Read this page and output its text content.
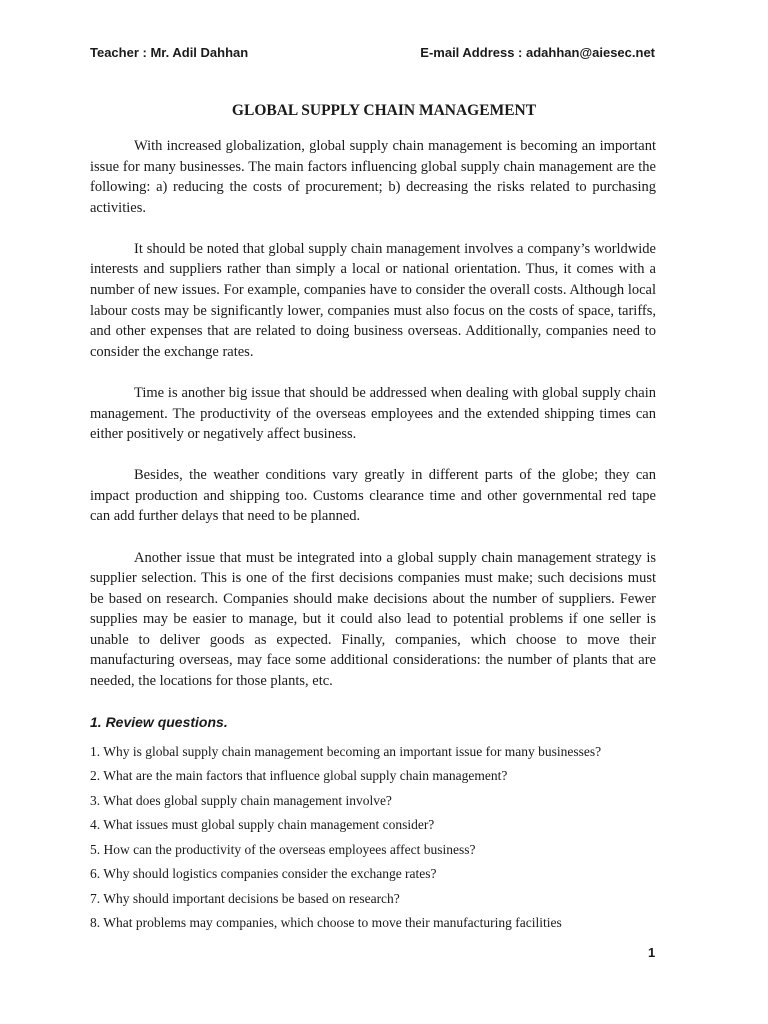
Teacher : Mr. Adil Dahhan	E-mail Address : adahhan@aiesec.net
GLOBAL SUPPLY CHAIN MANAGEMENT

With increased globalization, global supply chain management is becoming an important issue for many businesses. The main factors influencing global supply chain management are the following: a) reducing the costs of procurement; b) decreasing the risks related to purchasing activities.

It should be noted that global supply chain management involves a company’s worldwide interests and suppliers rather than simply a local or national orientation. Thus, it comes with a number of new issues. For example, companies have to consider the overall costs. Although local labour costs may be significantly lower, companies must also focus on the costs of space, tariffs, and other expenses that are related to doing business overseas. Additionally, companies need to consider the exchange rates.

Time is another big issue that should be addressed when dealing with global supply chain management. The productivity of the overseas employees and the extended shipping times can either positively or negatively affect business.

Besides, the weather conditions vary greatly in different parts of the globe; they can impact production and shipping too. Customs clearance time and other governmental red tape can add further delays that need to be planned.

Another issue that must be integrated into a global supply chain management strategy is supplier selection. This is one of the first decisions companies must make; such decisions must be based on research. Companies should make decisions about the number of suppliers. Fewer supplies may be easier to manage, but it could also lead to potential problems if one seller is unable to deliver goods as expected. Finally, companies, which choose to move their manufacturing overseas, may face some additional considerations: the number of plants that are needed, the locations for those plants, etc.

1. Review questions.
1. Why is global supply chain management becoming an important issue for many businesses?
2. What are the main factors that influence global supply chain management?
3. What does global supply chain management involve?
4. What issues must global supply chain management consider?
5. How can the productivity of the overseas employees affect business?
6. Why should logistics companies consider the exchange rates?
7. Why should important decisions be based on research?
8. What problems may companies, which choose to move their manufacturing facilities
1
